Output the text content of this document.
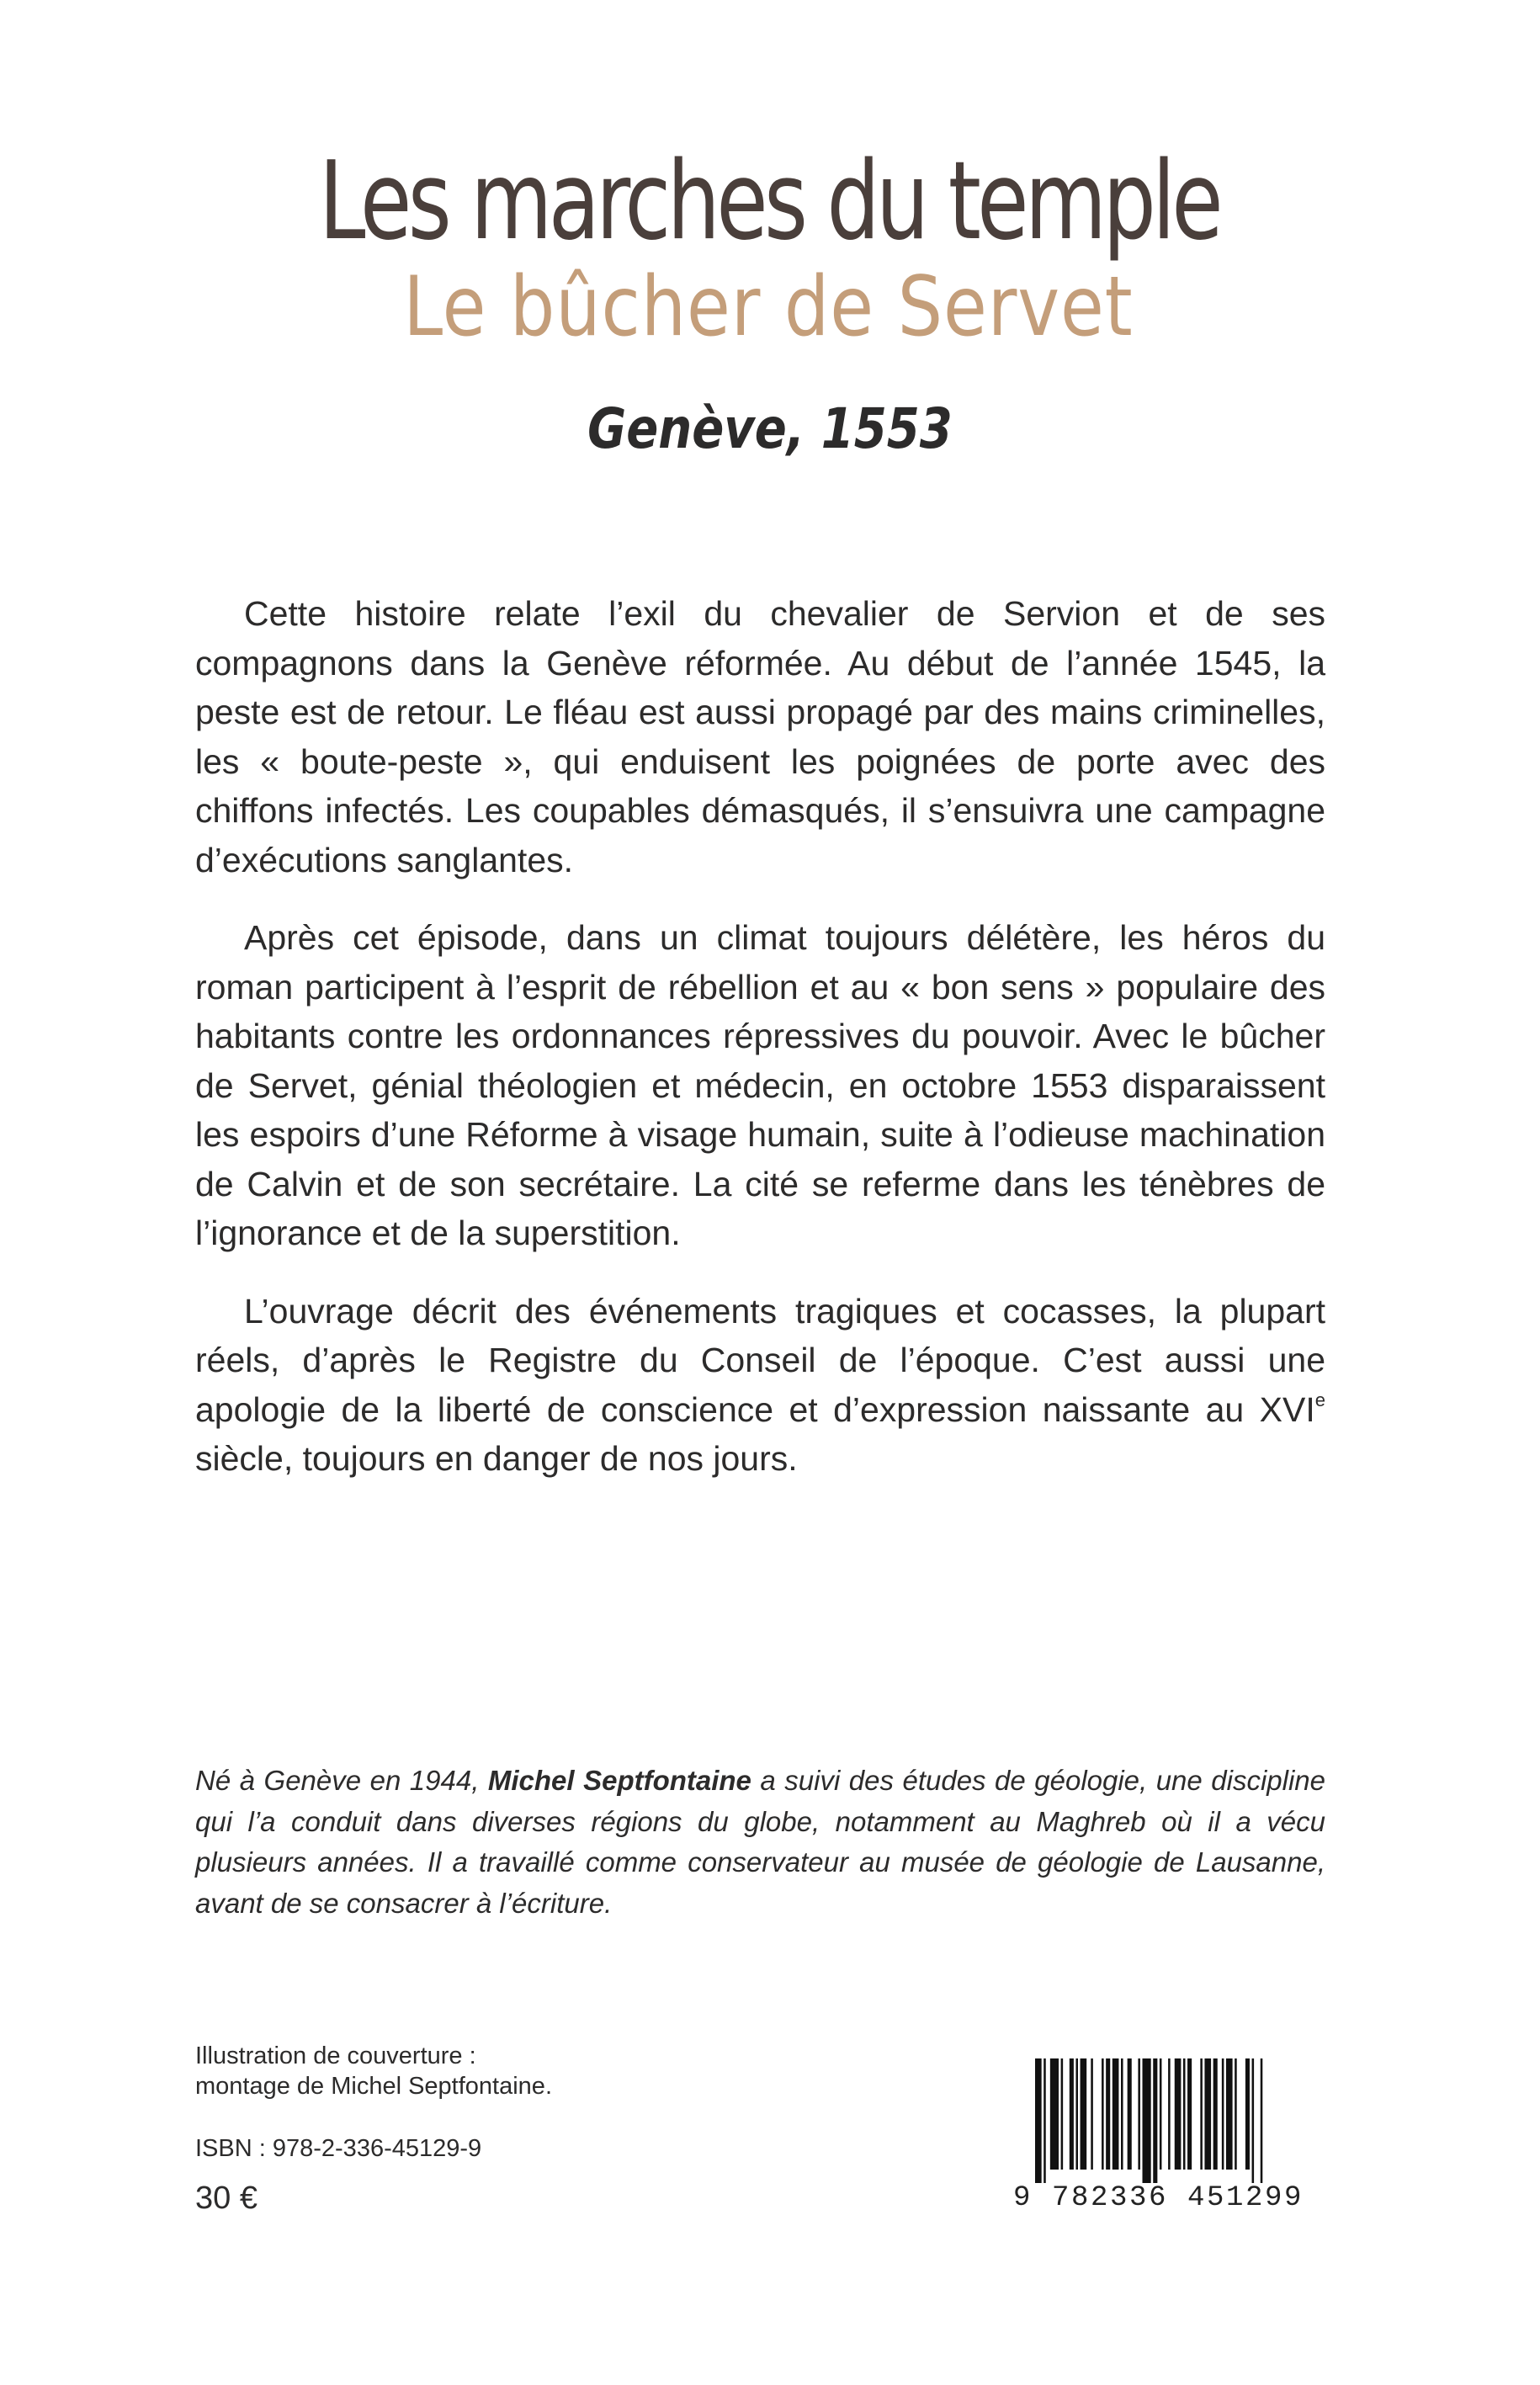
Les marches du temple
Le bûcher de Servet
Genève, 1553

Cette histoire relate l’exil du chevalier de Servion et de ses compagnons dans la Genève réformée. Au début de l’année 1545, la peste est de retour. Le fléau est aussi propagé par des mains criminelles, les « boute-peste », qui enduisent les poignées de porte avec des chiffons infectés. Les coupables démasqués, il s’ensuivra une campagne d’exécutions sanglantes.

Après cet épisode, dans un climat toujours délétère, les héros du roman participent à l’esprit de rébellion et au « bon sens » populaire des habitants contre les ordonnances répressives du pouvoir. Avec le bûcher de Servet, génial théologien et médecin, en octobre 1553 disparaissent les espoirs d’une Réforme à visage humain, suite à l’odieuse machination de Calvin et de son secrétaire. La cité se referme dans les ténèbres de l’ignorance et de la superstition.

L’ouvrage décrit des événements tragiques et cocasses, la plupart réels, d’après le Registre du Conseil de l’époque. C’est aussi une apologie de la liberté de conscience et d’expression naissante au XVIe siècle, toujours en danger de nos jours.

Né à Genève en 1944, Michel Septfontaine a suivi des études de géologie, une discipline qui l’a conduit dans diverses régions du globe, notamment au Maghreb où il a vécu plusieurs années. Il a travaillé comme conservateur au musée de géologie de Lausanne, avant de se consacrer à l’écriture.
Illustration de couverture :
montage de Michel Septfontaine.
ISBN : 978-2-336-45129-9
30 €	9 782336 451299
